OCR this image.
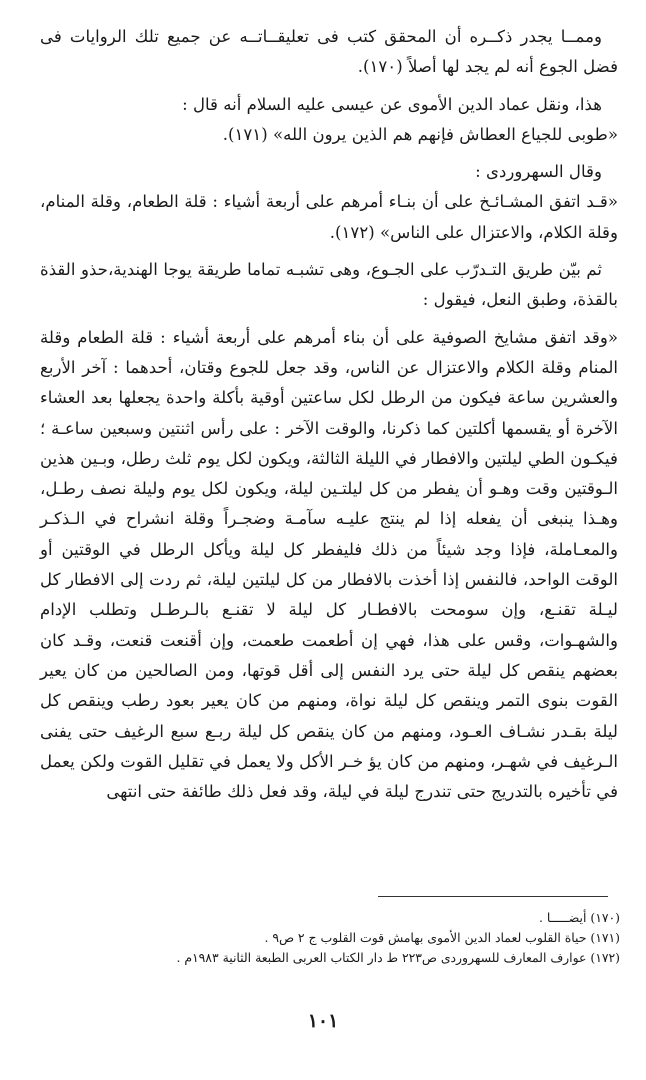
وممــا يجدر ذكــره أن المحقق كتب فى تعليقــاتــه عن جميع تلك الروايات فى فضل الجوع أنه لم يجد لها أصلاً (١٧٠).

هذا، ونقل عماد الدين الأموى عن عيسى عليه السلام أنه قال :

«طوبى للجياع العطاش فإنهم هم الذين يرون الله» (١٧١).

وقال السهروردى :

«قـد اتفق المشـائـخ على أن بنـاء أمرهم على أربعة أشياء : قلة الطعام، وقلة المنام، وقلة الكلام، والاعتزال على الناس» (١٧٢).

ثم بيّن طريق التـدرّب على الجـوع، وهى تشبـه تماما طريقة يوجا الهندية،حذو القذة بالقذة، وطبق النعل، فيقول :

«وقد اتفق مشايخ الصوفية على أن بناء أمرهم على أربعة أشياء : قلة الطعام وقلة المنام وقلة الكلام والاعتزال عن الناس، وقد جعل للجوع وقتان، أحدهما : آخر الأربع والعشرين ساعة فيكون من الرطل لكل ساعتين أوقية بأكلة واحدة يجعلها بعد العشاء الآخرة أو يقسمها أكلتين كما ذكرنا، والوقت الآخر : على رأس اثنتين وسبعين ساعـة ؛ فيكـون الطي ليلتين والافطار في الليلة الثالثة، ويكون لكل يوم ثلث رطل، وبـين هذين الـوقتين وقت وهـو أن يفطر من كل ليلتـين ليلة، ويكون لكل يوم وليلة نصف رطـل، وهـذا ينبغى أن يفعله إذا لم ينتج عليـه سآمـة وضجـراً وقلة انشراح في الـذكـر والمعـاملة، فإذا وجد شيئاً من ذلك فليفطر كل ليلة ويأكل الرطل في الوقتين أو الوقت الواحد، فالنفس إذا أخذت بالافطار من كل ليلتين ليلة، ثم ردت إلى الافطار كل ليـلة تقنـع، وإن سومحت بالافطـار كل ليلة لا تقنـع بالـرطـل وتطلب الإدام والشهـوات، وقس على هذا، فهي إن أطعمت طعمت، وإن أقنعت قنعت، وقـد كان بعضهم ينقص كل ليلة حتى يرد النفس إلى أقل قوتها، ومن الصالحين من كان يعير القوت بنوى التمر وينقص كل ليلة نواة، ومنهم من كان يعير بعود رطب وينقص كل ليلة بقـدر نشـاف العـود، ومنهم من كان ينقص كل ليلة ربـع سبع الرغيف حتى يفنى الـرغيف في شهـر، ومنهم من كان يؤ خـر الأكل ولا يعمل في تقليل القوت ولكن يعمل في تأخيره بالتدريج حتى تندرج ليلة في ليلة، وقد فعل ذلك طائفة حتى انتهى

(١٧٠) أيضـــــا .
(١٧١) حياة القلوب لعماد الدين الأموى بهامش قوت القلوب ج ٢ ص٩ .
(١٧٢) عوارف المعارف للسهروردى ص٢٢٣ ط دار الكتاب العربى الطبعة الثانية ١٩٨٣م .
١٠١
